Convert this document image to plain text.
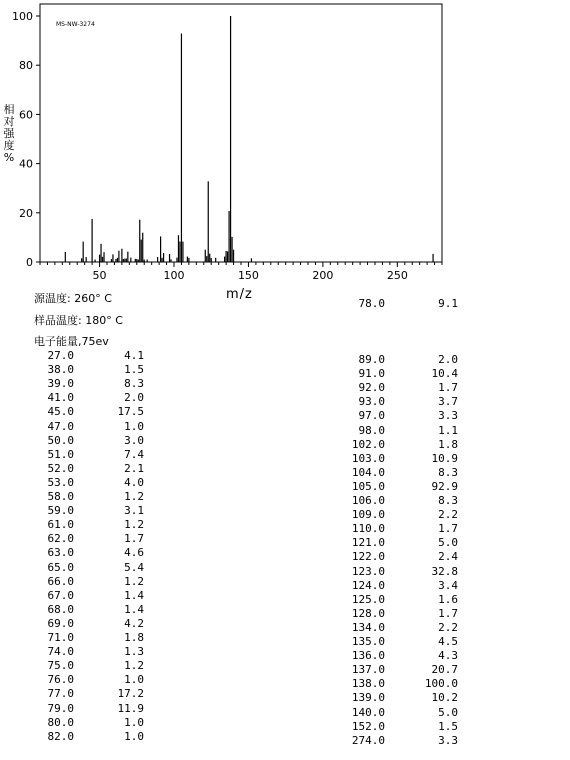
0
20
40
60
80
100
50	100	150	200	250
MS-NW-3274
相
对
强
度
%
m/z
源温度: 260° C
样品温度: 180° C
电子能量,75ev
27.0	4.1
38.0	1.5
39.0	8.3
41.0	2.0
45.0	17.5
47.0	1.0
50.0	3.0
51.0	7.4
52.0	2.1
53.0	4.0
58.0	1.2
59.0	3.1
61.0	1.2
62.0	1.7
63.0	4.6
65.0	5.4
66.0	1.2
67.0	1.4
68.0	1.4
69.0	4.2
71.0	1.8
74.0	1.3
75.0	1.2
76.0	1.0
77.0	17.2
79.0	11.9
80.0	1.0
82.0	1.0
78.0	9.1
89.0	2.0
91.0	10.4
92.0	1.7
93.0	3.7
97.0	3.3
98.0	1.1
102.0	1.8
103.0	10.9
104.0	8.3
105.0	92.9
106.0	8.3
109.0	2.2
110.0	1.7
121.0	5.0
122.0	2.4
123.0	32.8
124.0	3.4
125.0	1.6
128.0	1.7
134.0	2.2
135.0	4.5
136.0	4.3
137.0	20.7
138.0	100.0
139.0	10.2
140.0	5.0
152.0	1.5
274.0	3.3
